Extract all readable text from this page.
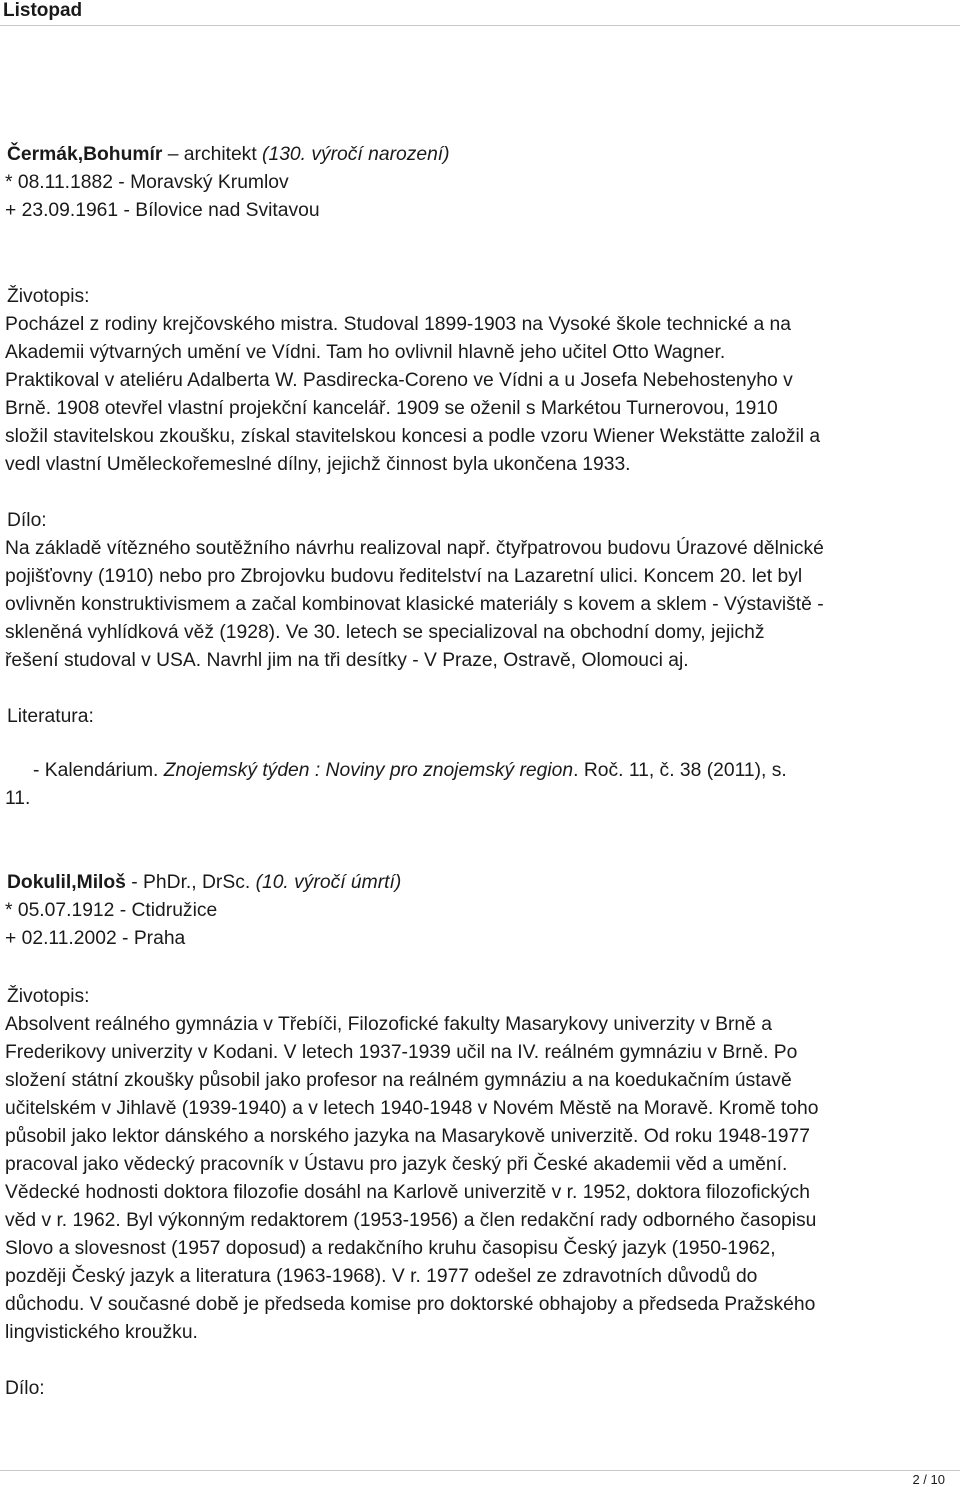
Listopad
Čermák,Bohumír – architekt (130. výročí narození)
* 08.11.1882 - Moravský Krumlov
+ 23.09.1961 - Bílovice nad Svitavou
Životopis:
Pocházel z rodiny krejčovského mistra. Studoval 1899-1903 na Vysoké škole technické a na
Akademii výtvarných umění ve Vídni. Tam ho ovlivnil hlavně jeho učitel Otto Wagner.
Praktikoval v ateliéru Adalberta W. Pasdirecka-Coreno ve Vídni a u Josefa Nebehostenyho v
Brně. 1908 otevřel vlastní projekční kancelář. 1909 se oženil s Markétou Turnerovou, 1910
složil stavitelskou zkoušku, získal stavitelskou koncesi a podle vzoru Wiener Wekstätte založil a
vedl vlastní Uměleckořemeslné dílny, jejichž činnost byla ukončena 1933.
Dílo:
Na základě vítězného soutěžního návrhu realizoval např. čtyřpatrovou budovu Úrazové dělnické
pojišťovny (1910) nebo pro Zbrojovku budovu ředitelství na Lazaretní ulici. Koncem 20. let byl
ovlivněn konstruktivismem a začal kombinovat klasické materiály s kovem a sklem - Výstaviště -
skleněná vyhlídková věž (1928). Ve 30. letech se specializoval na obchodní domy, jejichž
řešení studoval v USA. Navrhl jim na tři desítky - V Praze, Ostravě, Olomouci aj.
Literatura:
- Kalendárium. Znojemský týden : Noviny pro znojemský region. Roč. 11, č. 38 (2011), s.
11.
Dokulil,Miloš - PhDr., DrSc. (10. výročí úmrtí)
* 05.07.1912 - Ctidružice
+ 02.11.2002 - Praha
Životopis:
Absolvent reálného gymnázia v Třebíči, Filozofické fakulty Masarykovy univerzity v Brně a
Frederikovy univerzity v Kodani. V letech 1937-1939 učil na IV. reálném gymnáziu v Brně. Po
složení státní zkoušky působil jako profesor na reálném gymnáziu a na koedukačním ústavě
učitelském v Jihlavě (1939-1940) a v letech 1940-1948 v Novém Městě na Moravě. Kromě toho
působil jako lektor dánského a norského jazyka na Masarykově univerzitě. Od roku 1948-1977
pracoval jako vědecký pracovník v Ústavu pro jazyk český při České akademii věd a umění.
Vědecké hodnosti doktora filozofie dosáhl na Karlově univerzitě v r. 1952, doktora filozofických
věd v r. 1962. Byl výkonným redaktorem (1953-1956) a člen redakční rady odborného časopisu
Slovo a slovesnost (1957 doposud) a redakčního kruhu časopisu Český jazyk (1950-1962,
později Český jazyk a literatura (1963-1968). V r. 1977 odešel ze zdravotních důvodů do
důchodu. V současné době je předseda komise pro doktorské obhajoby a předseda Pražského
lingvistického kroužku.
Dílo:
2 / 10
